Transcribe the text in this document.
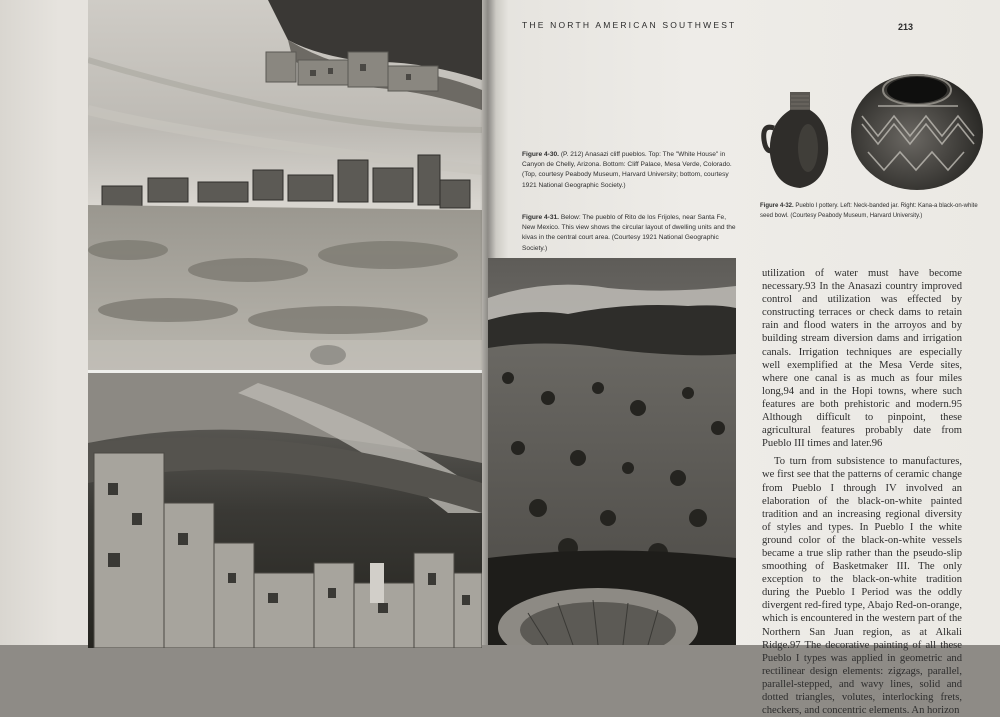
THE NORTH AMERICAN SOUTHWEST	213
Figure 4-30. (P. 212) Anasazi cliff pueblos. Top: The "White House" in Canyon de Chelly, Arizona. Bottom: Cliff Palace, Mesa Verde, Colorado. (Top, courtesy Peabody Museum, Harvard University; bottom, courtesy 1921 National Geographic Society.)
Figure 4-31. Below: The pueblo of Rito de los Frijoles, near Santa Fe, New Mexico. This view shows the circular layout of dwelling units and the kivas in the central court area. (Courtesy 1921 National Geographic Society.)
Figure 4-32. Pueblo I pottery. Left: Neck-banded jar. Right: Kana-a black-on-white seed bowl. (Courtesy Peabody Museum, Harvard University.)

utilization of water must have become necessary.93 In the Anasazi country improved control and utilization was effected by constructing terraces or check dams to retain rain and flood waters in the arroyos and by building stream diversion dams and irrigation canals. Irrigation techniques are especially well exemplified at the Mesa Verde sites, where one canal is as much as four miles long,94 and in the Hopi towns, where such features are both prehistoric and modern.95 Although difficult to pinpoint, these agricultural features probably date from Pueblo III times and later.96

To turn from subsistence to manufactures, we first see that the patterns of ceramic change from Pueblo I through IV involved an elaboration of the black-on-white painted tradition and an increasing regional diversity of styles and types. In Pueblo I the white ground color of the black-on-white vessels became a true slip rather than the pseudo-slip smoothing of Basketmaker III. The only exception to the black-on-white tradition during the Pueblo I Period was the oddly divergent red-fired type, Abajo Red-on-orange, which is encountered in the western part of the Northern San Juan region, as at Alkali Ridge.97 The decorative painting of all these Pueblo I types was applied in geometric and rectilinear design elements: zigzags, parallel, parallel-stepped, and wavy lines, solid and dotted triangles, volutes, interlocking frets, checkers, and concentric elements. An horizon
